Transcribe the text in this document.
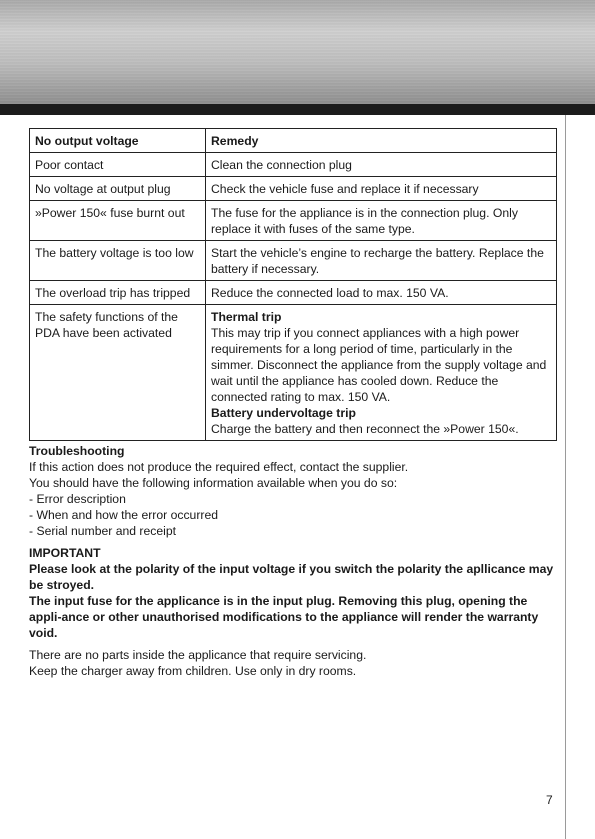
No output voltage	Remedy
Poor contact	Clean the connection plug
No voltage at output plug	Check the vehicle fuse and replace it if necessary
»Power 150« fuse burnt out	The fuse for the appliance is in the connection plug. Only replace it with fuses of the same type.
The battery voltage is too low	Start the vehicle’s engine to recharge the battery. Replace the battery if necessary.
The overload trip has tripped	Reduce the connected load to max. 150 VA.
The safety functions of the PDA have been activated	Thermal trip
This may trip if you connect appliances with a high power requirements for a long period of time, particularly in the simmer. Disconnect the appliance from the supply voltage and wait until the appliance has cooled down. Reduce the connected rating to max. 150 VA.
Battery undervoltage trip
Charge the battery and then reconnect the »Power 150«.

Troubleshooting

If this action does not produce the required effect, contact the supplier.

You should have the following information available when you do so:

- Error description

- When and how the error occurred

- Serial number and receipt

IMPORTANT

Please look at the polarity of the input voltage if you switch the polarity the apllicance may be stroyed.

The input fuse for the applicance is in the input plug. Removing this plug, opening the appli-ance or other unauthorised modifications to the appliance will render the warranty void.

There are no parts inside the applicance that require servicing.

Keep the charger away from children. Use only in dry rooms.

7
